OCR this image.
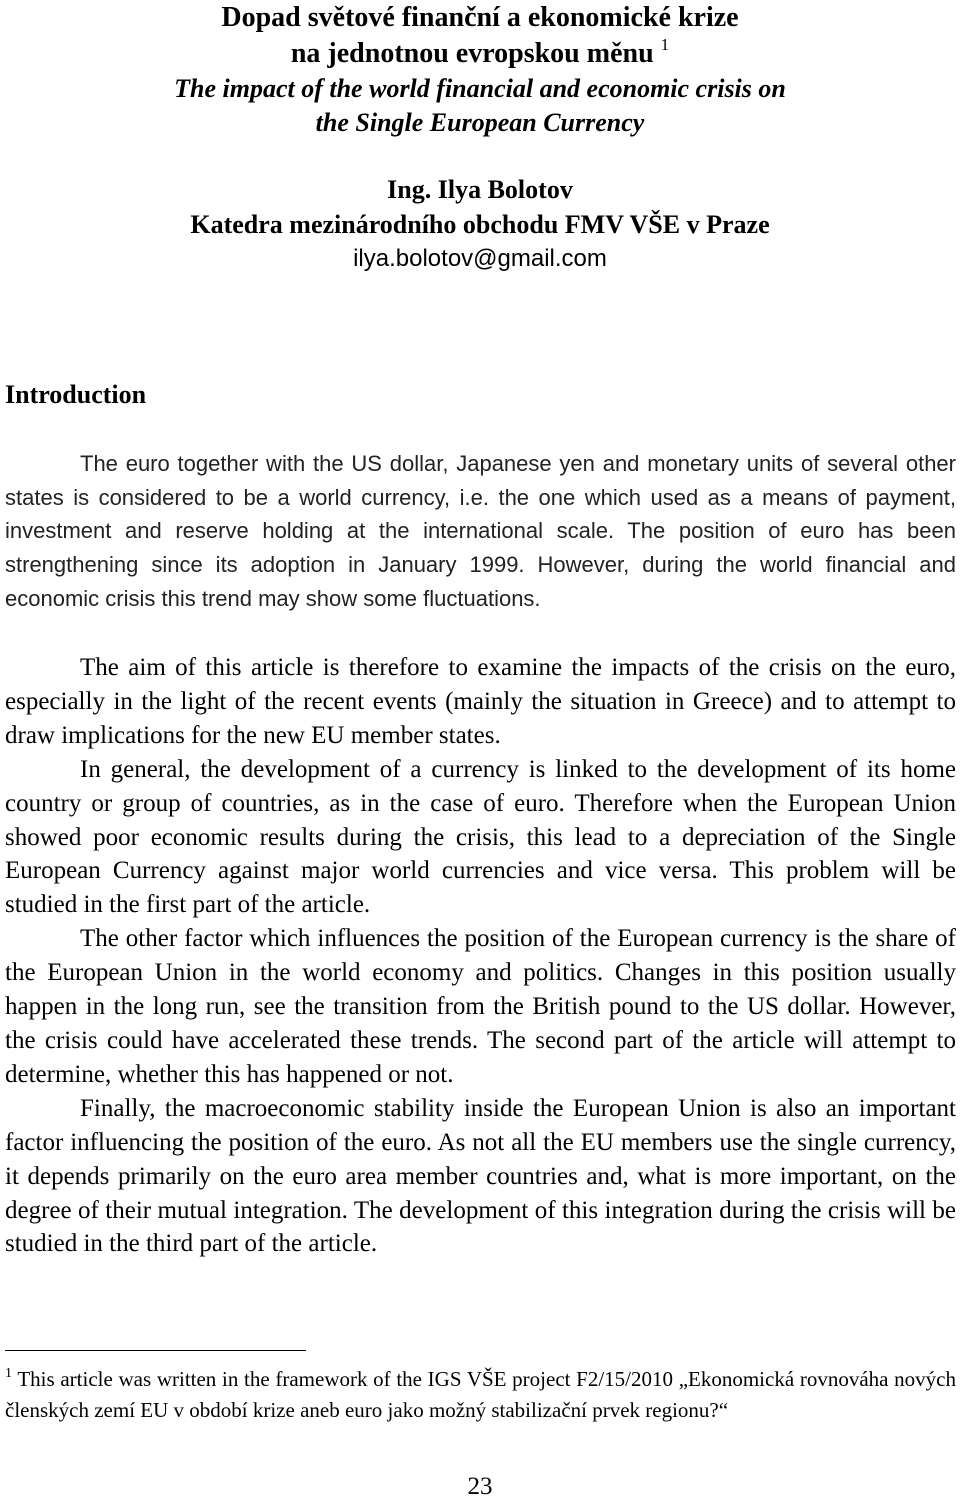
Dopad světové finanční a ekonomické krize
na jednotnou evropskou měnu $^1$
The impact of the world financial and economic crisis on
the Single European Currency
Ing. Ilya Bolotov
Katedra mezinárodního obchodu FMV VŠE v Praze
ilya.bolotov@gmail.com
Introduction

The euro together with the US dollar, Japanese yen and monetary units of several other states is considered to be a world currency, i.e. the one which used as a means of payment, investment and reserve holding at the international scale. The position of euro has been strengthening since its adoption in January 1999. However, during the world financial and economic crisis this trend may show some fluctuations.

The aim of this article is therefore to examine the impacts of the crisis on the euro, especially in the light of the recent events (mainly the situation in Greece) and to attempt to draw implications for the new EU member states.

In general, the development of a currency is linked to the development of its home country or group of countries, as in the case of euro. Therefore when the European Union showed poor economic results during the crisis, this lead to a depreciation of the Single European Currency against major world currencies and vice versa. This problem will be studied in the first part of the article.

The other factor which influences the position of the European currency is the share of the European Union in the world economy and politics. Changes in this position usually happen in the long run, see the transition from the British pound to the US dollar. However, the crisis could have accelerated these trends. The second part of the article will attempt to determine, whether this has happened or not.

Finally, the macroeconomic stability inside the European Union is also an important factor influencing the position of the euro. As not all the EU members use the single currency, it depends primarily on the euro area member countries and, what is more important, on the degree of their mutual integration. The development of this integration during the crisis will be studied in the third part of the article.

$^1$ This article was written in the framework of the IGS VŠE project F2/15/2010 „Ekonomická rovnováha nových členských zemí EU v období krize aneb euro jako možný stabilizační prvek regionu?“

23
